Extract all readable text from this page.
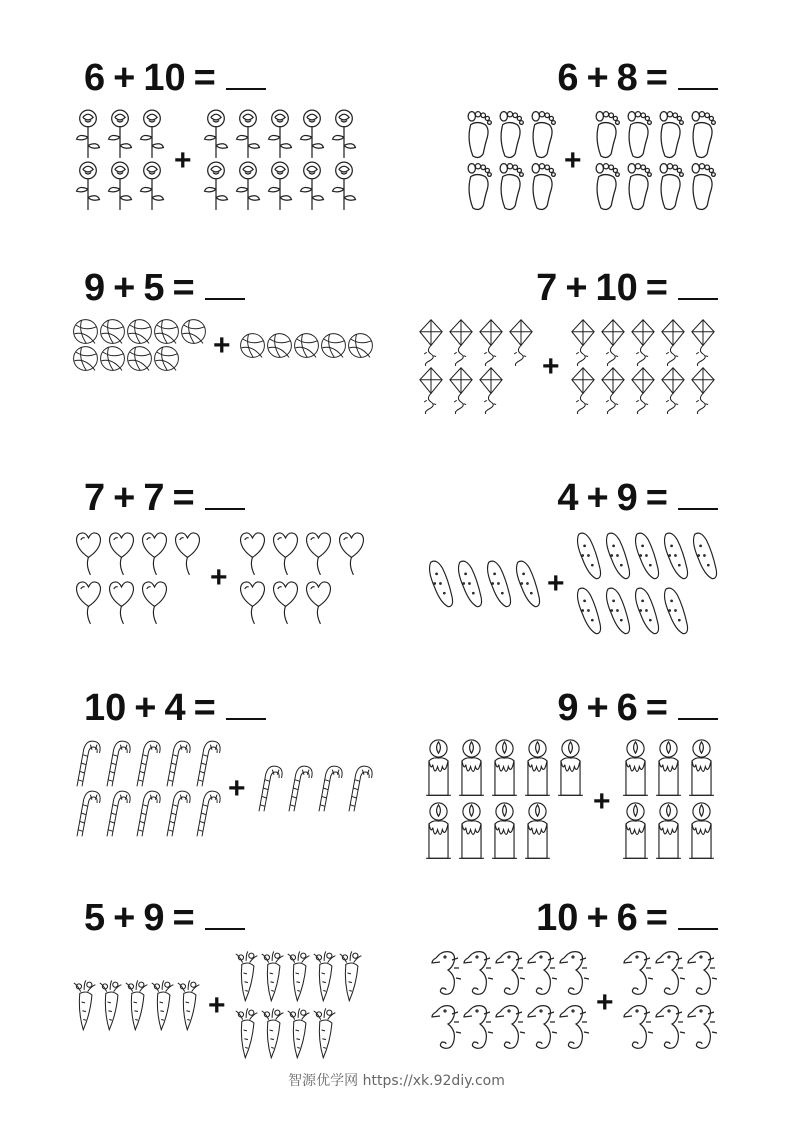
6 + 10 =
+
6 + 8 =
+
9 + 5 =
+
7 + 10 =
+
7 + 7 =
+
4 + 9 =
+
10 + 4 =
+
9 + 6 =
+
5 + 9 =
+
10 + 6 =
+
智源优学网 https://xk.92diy.com
